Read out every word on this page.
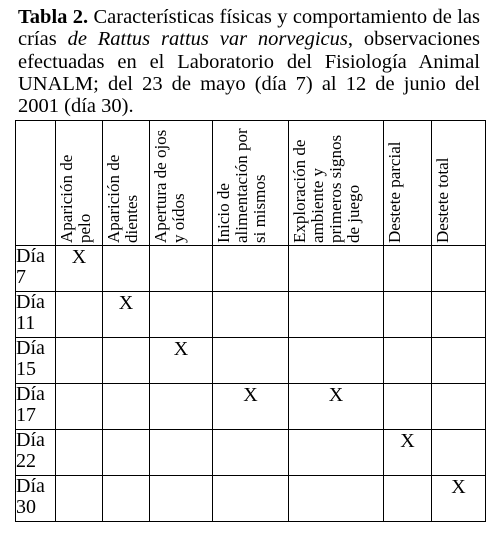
Tabla 2. Características físicas y comportamiento de las crías de Rattus rattus var norvegicus, observaciones efectuadas en el Laboratorio del Fisiología Animal UNALM; del 23 de mayo (día 7) al 12 de junio del 2001 (día 30).

	Aparición de pelo	Aparición de dientes	Apertura de ojos y oídos	Inicio de alimentación por si mismos	Exploración de ambiente y primeros signos de juego	Destete parcial	Destete total

Día 7	X						
Día 11		X					
Día 15			X				
Día 17				X	X		
Día 22						X	
Día 30							X
